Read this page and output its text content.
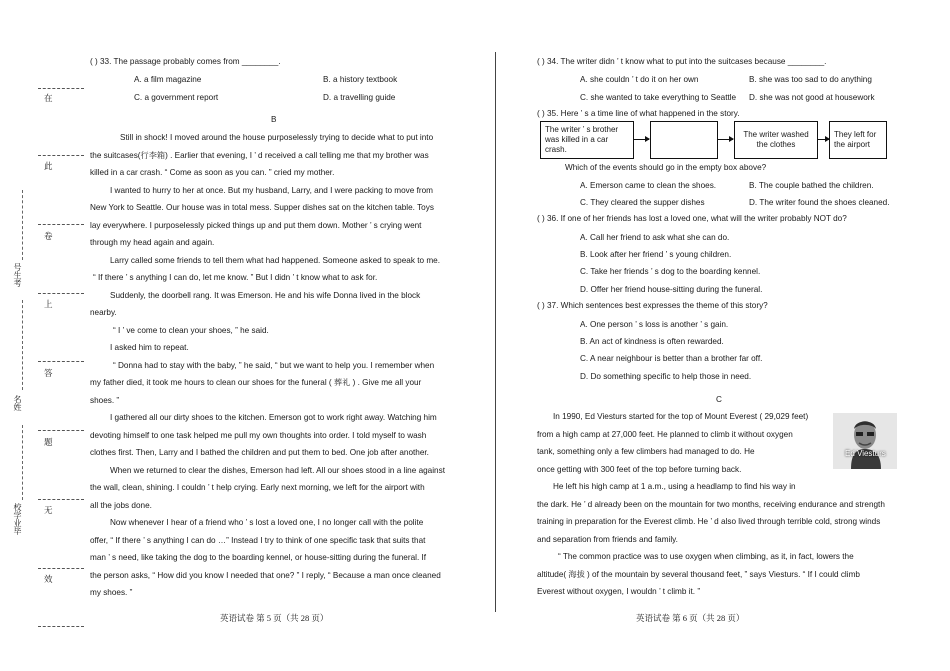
在
此
卷
上
答
题
无
效
号生考
名姓
校学业毕
( ) 33. The passage probably comes from ________.
A. a film magazine	B. a history textbook
C. a government report	D. a travelling guide
B
Still in shock! I moved around the house purposelessly trying to decide what to put into
the suitcases(行李箱) . Earlier that evening, I ’ d received a call telling me that my brother was
killed in a car crash. “ Come as soon as you can. ” cried my mother.
I wanted to hurry to her at once. But my husband, Larry, and I were packing to move from
New York to Seattle. Our house was in total mess. Supper dishes sat on the kitchen table. Toys
lay everywhere. I purposelessly picked things up and put them down. Mother ’ s crying went
through my head again and again.
Larry called some friends to tell them what had happened. Someone asked to speak to me.
“ If there ’ s anything I can do, let me know. ” But I didn ’ t know what to ask for.
Suddenly, the doorbell rang. It was Emerson. He and his wife Donna lived in the block
nearby.
“ I ’ ve come to clean your shoes, ” he said.
I asked him to repeat.
“ Donna had to stay with the baby, ” he said, “ but we want to help you. I remember when
my father died, it took me hours to clean our shoes for the funeral ( 葬礼 ) . Give me all your
shoes. ”
I gathered all our dirty shoes to the kitchen. Emerson got to work right away. Watching him
devoting himself to one task helped me pull my own thoughts into order. I told myself to wash
clothes first. Then, Larry and I bathed the children and put them to bed. One job after another.
When we returned to clear the dishes, Emerson had left. All our shoes stood in a line against
the wall, clean, shining. I couldn ’ t help crying. Early next morning, we left for the airport with
all the jobs done.
Now whenever I hear of a friend who ’ s lost a loved one, I no longer call with the polite
offer, “ If there ’ s anything I can do …” Instead I try to think of one specific task that suits that
man ’ s need, like taking the dog to the boarding kennel, or house-sitting during the funeral. If
the person asks, “ How did you know I needed that one? ” I reply, “ Because a man once cleaned
my shoes. ”
英语试卷 第 5 页（共 28 页）
( ) 34. The writer didn ’ t know what to put into the suitcases because ________.
A. she couldn ’ t do it on her own	B. she was too sad to do anything
C. she wanted to take everything to Seattle D. she was not good at housework
( ) 35. Here ’ s a time line of what happened in the story.
The writer ’ s brother was killed in a car crash.
The writer washed the clothes
They left for the airport
Which of the events should go in the empty box above?
A. Emerson came to clean the shoes.	B. The couple bathed the children.
C. They cleared the supper dishes	D. The writer found the shoes cleaned.
( ) 36. If one of her friends has lost a loved one, what will the writer probably NOT do?
A. Call her friend to ask what she can do.
B. Look after her friend ’ s young children.
C. Take her friends ’ s dog to the boarding kennel.
D. Offer her friend house-sitting during the funeral.
( ) 37. Which sentences best expresses the theme of this story?
A. One person ’ s loss is another ’ s gain.
B. An act of kindness is often rewarded.
C. A near neighbour is better than a brother far off.
D. Do something specific to help those in need.
C
In 1990, Ed Viesturs started for the top of Mount Everest ( 29,029 feet)
from a high camp at 27,000 feet. He planned to climb it without oxygen
tank, something only a few climbers had managed to do. He
once getting with 300 feet of the top before turning back.
He left his high camp at 1 a.m., using a headlamp to find his way in
the dark. He ’ d already been on the mountain for two months, receiving endurance and strength
training in preparation for the Everest climb. He ’ d also lived through terrible cold, strong winds
and separation from friends and family.
“ The common practice was to use oxygen when climbing, as it, in fact, lowers the
altitude( 海拔 ) of the mountain by several thousand feet, ” says Viesturs. “ If I could climb
Everest without oxygen, I wouldn ’ t climb it. ”
Ed Viesturs
英语试卷 第 6 页（共 28 页）
